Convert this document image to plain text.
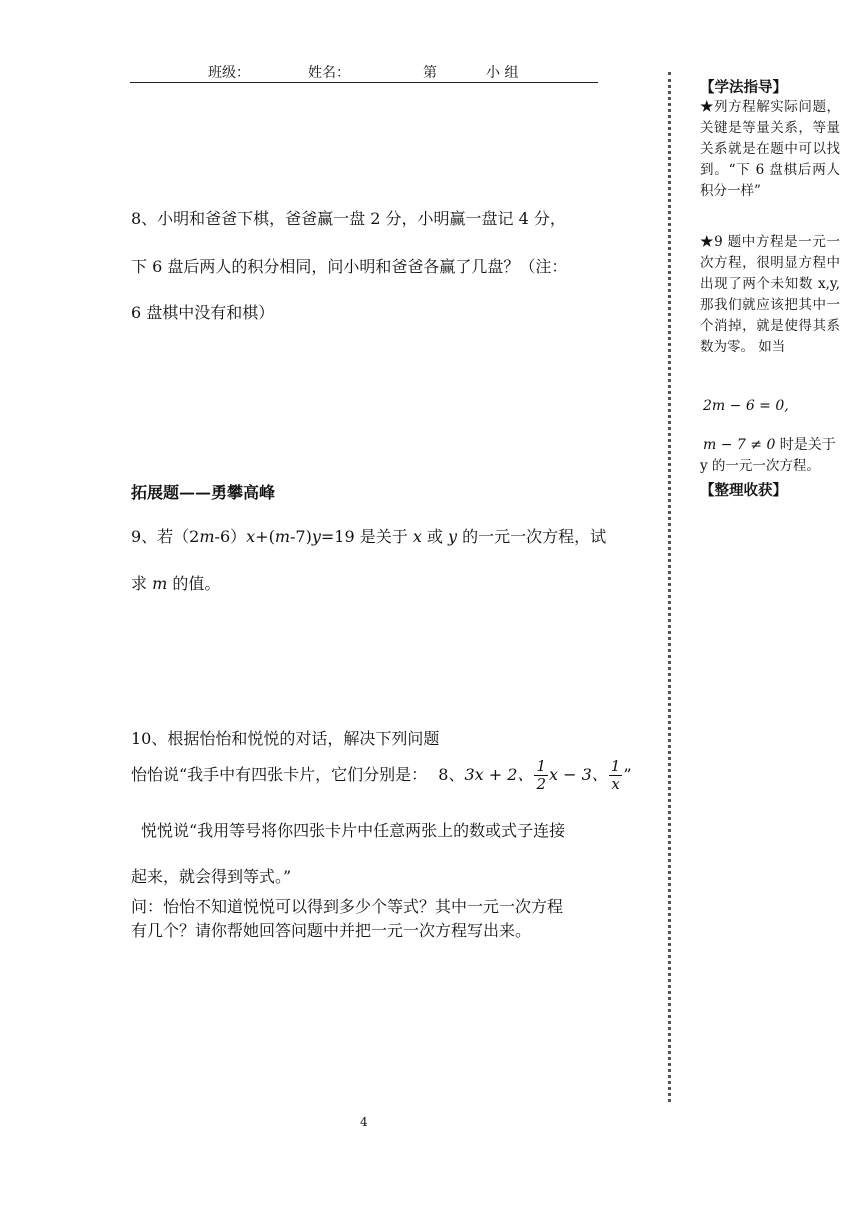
班级：	姓名：	第	小 组
8、小明和爸爸下棋，爸爸赢一盘 2 分，小明赢一盘记 4 分，
下 6 盘后两人的积分相同，问小明和爸爸各赢了几盘？（注：
6 盘棋中没有和棋）
拓展题——勇攀高峰
9、若（2m-6）x+(m-7)y=19 是关于 x 或 y 的一元一次方程，试
求 m 的值。
10、根据怡怡和悦悦的对话，解决下列问题
怡怡说“我手中有四张卡片，它们分别是： 8、3x + 2、 $\frac{1}{2}$ x − 3、 $\frac{1}{x}$ ”
悦悦说“我用等号将你四张卡片中任意两张上的数或式子连接
起来，就会得到等式。”
问：怡怡不知道悦悦可以得到多少个等式？其中一元一次方程
有几个？请你帮她回答问题中并把一元一次方程写出来。
【学法指导】
★列方程解实际问题，关键是等量关系，等量关系就是在题中可以找到。“下 6 盘棋后两人积分一样”
★9 题中方程是一元一次方程，很明显方程中出现了两个未知数 x,y,那我们就应该把其中一个消掉，就是使得其系数为零。 如当
2m − 6 = 0,
m − 7 ≠ 0 时是关于
y 的一元一次方程。
【整理收获】
4
